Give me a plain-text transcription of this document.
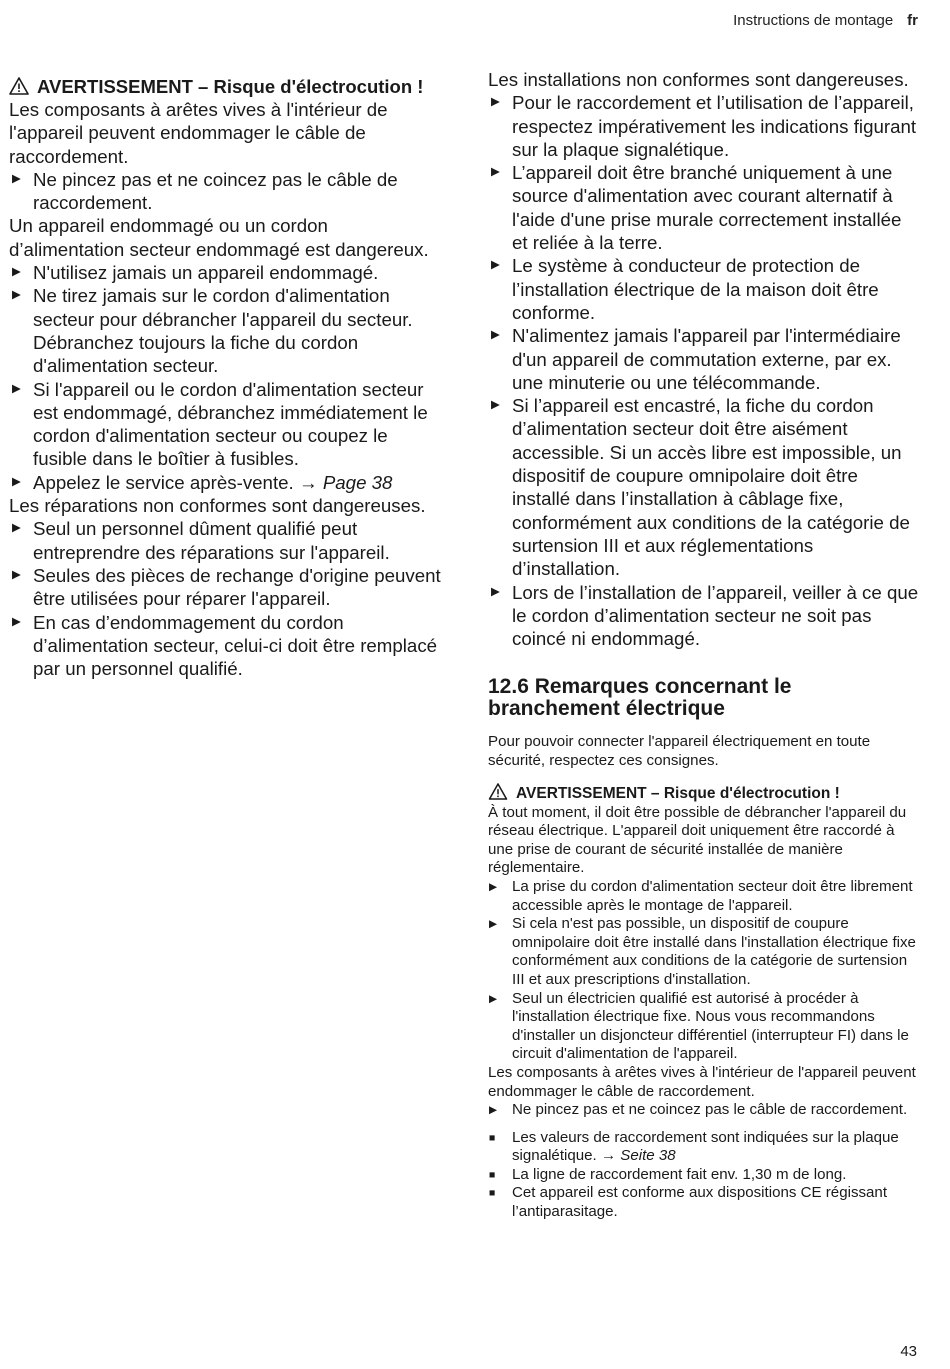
Instructions de montage fr
AVERTISSEMENT – Risque d'électrocution !

Les composants à arêtes vives à l'intérieur de l'appareil peuvent endommager le câble de raccordement.

▶ Ne pincez pas et ne coincez pas le câble de raccordement.

Un appareil endommagé ou un cordon d’alimentation secteur endommagé est dangereux.

▶ N'utilisez jamais un appareil endommagé.
▶ Ne tirez jamais sur le cordon d'alimentation secteur pour débrancher l'appareil du secteur. Débranchez toujours la fiche du cordon d'alimentation secteur.
▶ Si l'appareil ou le cordon d'alimentation secteur est endommagé, débranchez immédiatement le cordon d'alimentation secteur ou coupez le fusible dans le boîtier à fusibles.
▶ Appelez le service après-vente. → Page 38

Les réparations non conformes sont dangereuses.

▶ Seul un personnel dûment qualifié peut entreprendre des réparations sur l'appareil.
▶ Seules des pièces de rechange d'origine peuvent être utilisées pour réparer l'appareil.
▶ En cas d’endommagement du cordon d’alimentation secteur, celui-ci doit être remplacé par un personnel qualifié.

Les installations non conformes sont dangereuses.

▶ Pour le raccordement et l’utilisation de l’appareil, respectez impérativement les indications figurant sur la plaque signalétique.
▶ L’appareil doit être branché uniquement à une source d'alimentation avec courant alternatif à l'aide d'une prise murale correctement installée et reliée à la terre.
▶ Le système à conducteur de protection de l’installation électrique de la maison doit être conforme.
▶ N'alimentez jamais l'appareil par l'intermédiaire d'un appareil de commutation externe, par ex. une minuterie ou une télécommande.
▶ Si l’appareil est encastré, la fiche du cordon d’alimentation secteur doit être aisément accessible. Si un accès libre est impossible, un dispositif de coupure omnipolaire doit être installé dans l’installation à câblage fixe, conformément aux conditions de la catégorie de surtension III et aux réglementations d’installation.
▶ Lors de l’installation de l’appareil, veiller à ce que le cordon d’alimentation secteur ne soit pas coincé ni endommagé.
12.6 Remarques concernant le branchement électrique

Pour pouvoir connecter l'appareil électriquement en toute sécurité, respectez ces consignes.

AVERTISSEMENT – Risque d'électrocution !

À tout moment, il doit être possible de débrancher l'appareil du réseau électrique. L'appareil doit uniquement être raccordé à une prise de courant de sécurité installée de manière réglementaire.

▶ La prise du cordon d'alimentation secteur doit être librement accessible après le montage de l'appareil.
▶ Si cela n'est pas possible, un dispositif de coupure omnipolaire doit être installé dans l'installation électrique fixe conformément aux conditions de la catégorie de surtension III et aux prescriptions d'installation.
▶ Seul un électricien qualifié est autorisé à procéder à l'installation électrique fixe. Nous vous recommandons d'installer un disjoncteur différentiel (interrupteur FI) dans le circuit d'alimentation de l'appareil.

Les composants à arêtes vives à l'intérieur de l'appareil peuvent endommager le câble de raccordement.

▶ Ne pincez pas et ne coincez pas le câble de raccordement.
■ Les valeurs de raccordement sont indiquées sur la plaque signalétique. → Seite 38
■ La ligne de raccordement fait env. 1,30 m de long.
■ Cet appareil est conforme aux dispositions CE régissant l’antiparasitage.
43
